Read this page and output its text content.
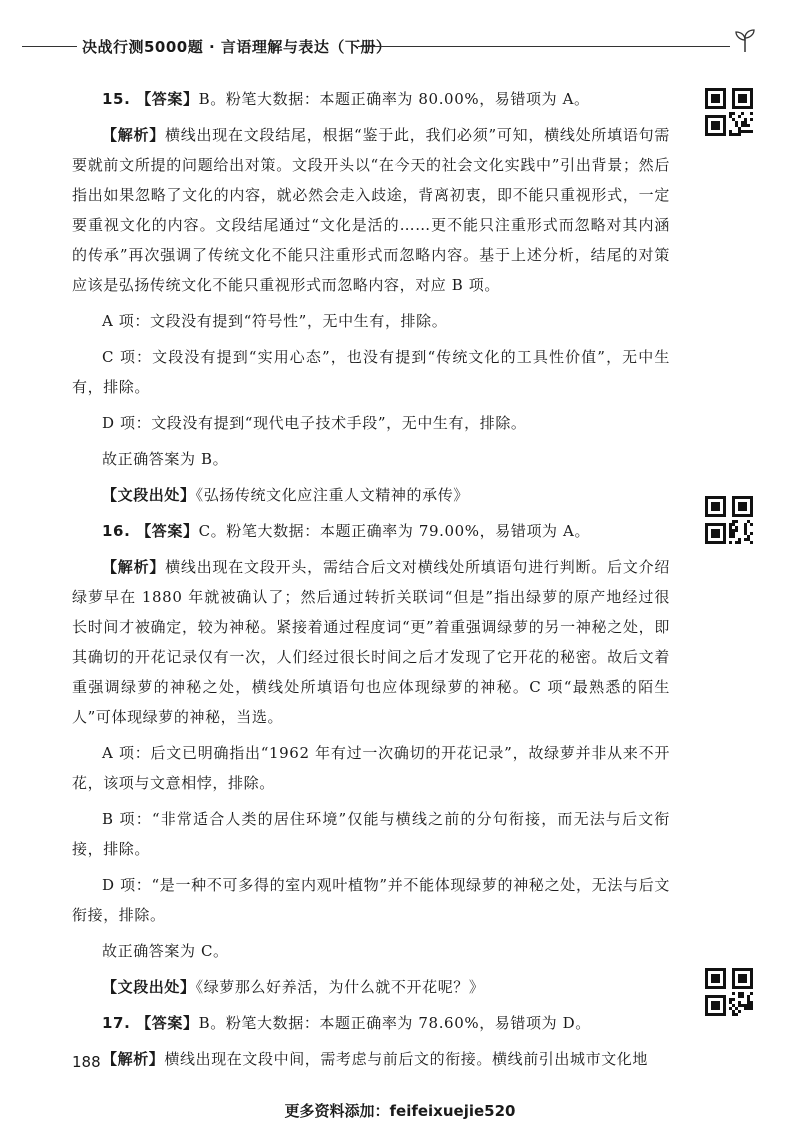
决战行测5000题 · 言语理解与表达（下册）

15. 【答案】B。粉笔大数据：本题正确率为 80.00%，易错项为 A。

【解析】横线出现在文段结尾，根据“鉴于此，我们必须”可知，横线处所填语句需要就前文所提的问题给出对策。文段开头以“在今天的社会文化实践中”引出背景；然后指出如果忽略了文化的内容，就必然会走入歧途，背离初衷，即不能只重视形式，一定要重视文化的内容。文段结尾通过“文化是活的……更不能只注重形式而忽略对其内涵的传承”再次强调了传统文化不能只注重形式而忽略内容。基于上述分析，结尾的对策应该是弘扬传统文化不能只重视形式而忽略内容，对应 B 项。

A 项：文段没有提到“符号性”，无中生有，排除。

C 项：文段没有提到“实用心态”，也没有提到“传统文化的工具性价值”，无中生有，排除。

D 项：文段没有提到“现代电子技术手段”，无中生有，排除。

故正确答案为 B。

【文段出处】《弘扬传统文化应注重人文精神的承传》

16. 【答案】C。粉笔大数据：本题正确率为 79.00%，易错项为 A。

【解析】横线出现在文段开头，需结合后文对横线处所填语句进行判断。后文介绍绿萝早在 1880 年就被确认了；然后通过转折关联词“但是”指出绿萝的原产地经过很长时间才被确定，较为神秘。紧接着通过程度词“更”着重强调绿萝的另一神秘之处，即其确切的开花记录仅有一次，人们经过很长时间之后才发现了它开花的秘密。故后文着重强调绿萝的神秘之处，横线处所填语句也应体现绿萝的神秘。C 项“最熟悉的陌生人”可体现绿萝的神秘，当选。

A 项：后文已明确指出“1962 年有过一次确切的开花记录”，故绿萝并非从来不开花，该项与文意相悖，排除。

B 项：“非常适合人类的居住环境”仅能与横线之前的分句衔接，而无法与后文衔接，排除。

D 项：“是一种不可多得的室内观叶植物”并不能体现绿萝的神秘之处，无法与后文衔接，排除。

故正确答案为 C。

【文段出处】《绿萝那么好养活，为什么就不开花呢？》

17. 【答案】B。粉笔大数据：本题正确率为 78.60%，易错项为 D。

【解析】横线出现在文段中间，需考虑与前后文的衔接。横线前引出城市文化地

188
更多资料添加：feifeixuejie520
